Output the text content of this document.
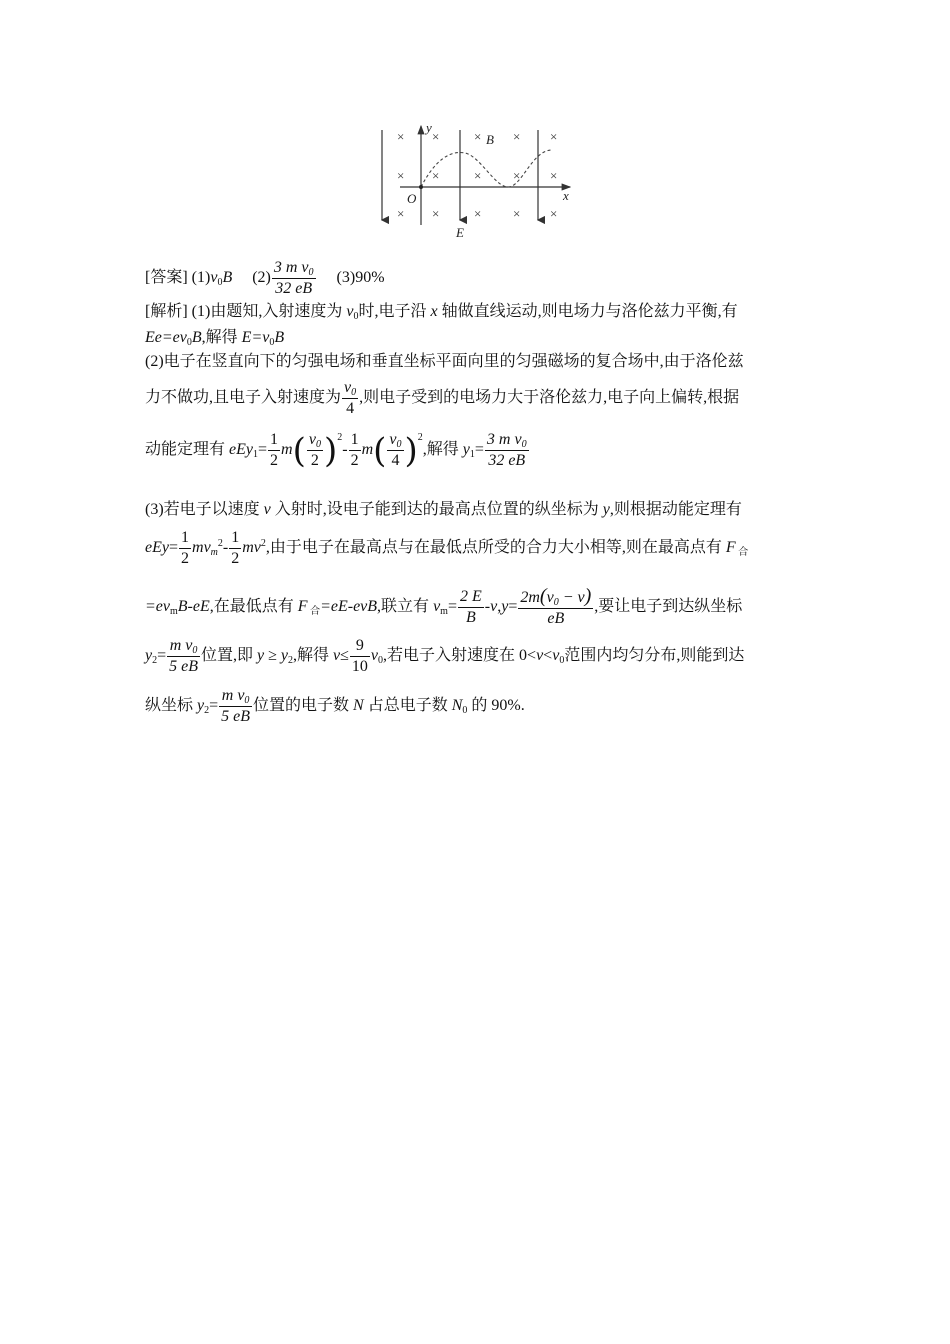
× ×	× × ×
× ×	× × ×
× ×	× × ×
y
x
B
O
E
[答案] $(1)v_0B$ $(2) \frac{3 m v_0}{32 eB} (3)90\%$
[解析] (1)由题知,入射速度为 $v_0$时,电子沿 x 轴做直线运动,则电场力与洛伦兹力平衡,有
$Ee=ev_0B$,解得 $E=v_0B$
(2)电子在竖直向下的匀强电场和垂直坐标平面向里的匀强磁场的复合场中,由于洛伦兹
力不做功,且电子入射速度为 $\frac{v_0}{4}$ ,则电子受到的电场力大于洛伦兹力,电子向上偏转,根据
动能定理有 $eEy_1= \frac{1}{2} m( \frac{v_0}{2} )^2- \frac{1}{2} m( \frac{v_0}{4} )^2$,解得 $y_1= \frac{3 m v_0}{32 eB}$
(3)若电子以速度 v 入射时,设电子能到达的最高点位置的纵坐标为 y,则根据动能定理有
$eEy= \frac{1}{2} mv_m^2- \frac{1}{2} mv^2$,由于电子在最高点与在最低点所受的合力大小相等,则在最高点有 F $_合$
$=ev_mB-eE$,在最低点有 F $_合$=eE-evB,联立有 $v_m= \frac{2 E}{B} -v,y= \frac{2m(v_0 - v)}{eB}$ ,要让电子到达纵坐标
$y_2= \frac{m v_0}{5 eB}$ 位置,即 $y \ge y_2$,解得 $v\le \frac{9}{10} v_0$,若电子入射速度在 $0<v<v_0$范围内均匀分布,则能到达
纵坐标 $y_2= \frac{m v_0}{5 eB}$ 位置的电子数 N 占总电子数 $N_0$ 的 90%.
